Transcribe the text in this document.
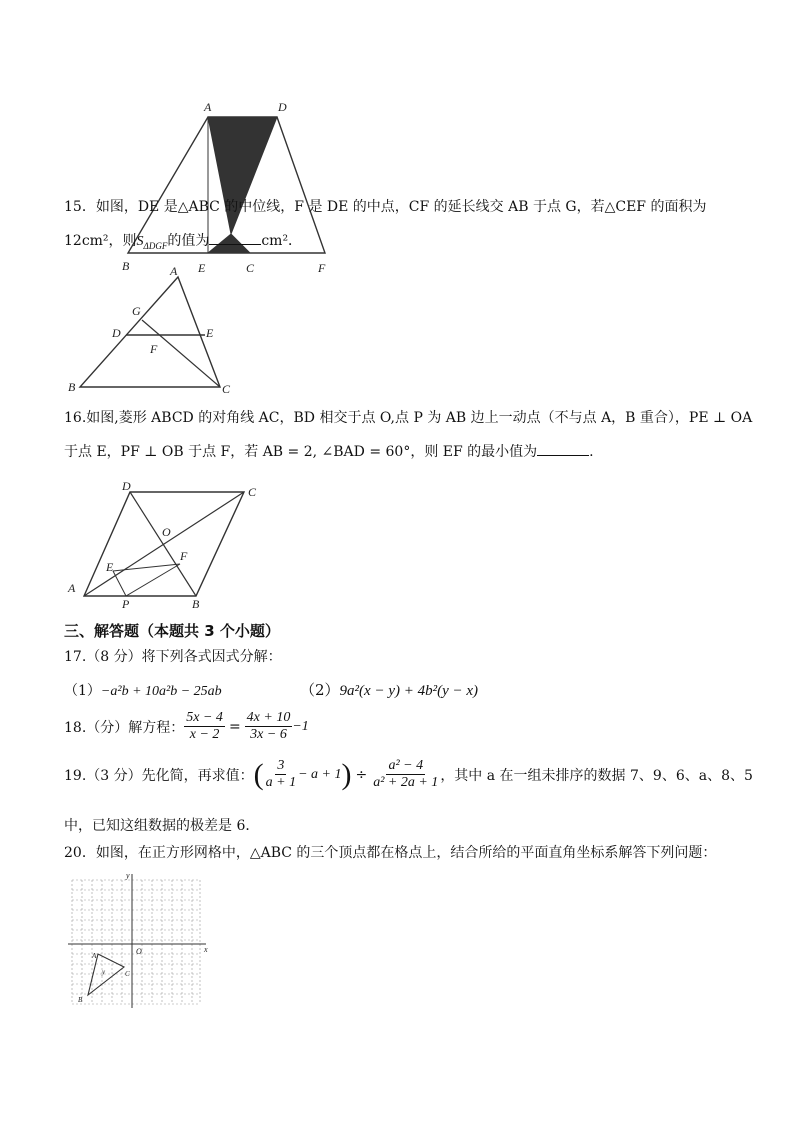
A	D
B	E	C	F
15．如图，DE 是△ABC 的中位线，F 是 DE 的中点，CF 的延长线交 AB 于点 G，若△CEF 的面积为
12cm²，则$S_{\Delta DGF}$的值为	cm²．
A
G
D	E
F
B	C
16.如图,菱形 ABCD 的对角线 AC，BD 相交于点 O,点 P 为 AB 边上一动点（不与点 A，B 重合），PE ⊥ OA
于点 E，PF ⊥ OB 于点 F，若 AB = 2, ∠BAD = 60°，则 EF 的最小值为	.
D	C
O
E
F
A
P	B
三、解答题（本题共 3 个小题）
17.（8 分）将下列各式因式分解：
（1）−a²b + 10a²b − 25ab	（2）9a²(x − y) + 4b²(y − x)
18.（分）解方程： $\frac{5x - 4}{x - 2} = \frac{4x + 10}{3x - 6} -1$
19.（3 分）先化简，再求值： ( $\frac{3}{a + 1} - a + 1$ ) ÷ $\frac{\text{a² − 4}}{\text{a² + 2a + 1}}$ ，其中 a 在一组未排序的数据 7、9、6、a、8、5
中，已知这组数据的极差是 6．
20．如图，在正方形网格中，△ABC 的三个顶点都在格点上，结合所给的平面直角坐标系解答下列问题：
y
x
O
A
B
C
y
